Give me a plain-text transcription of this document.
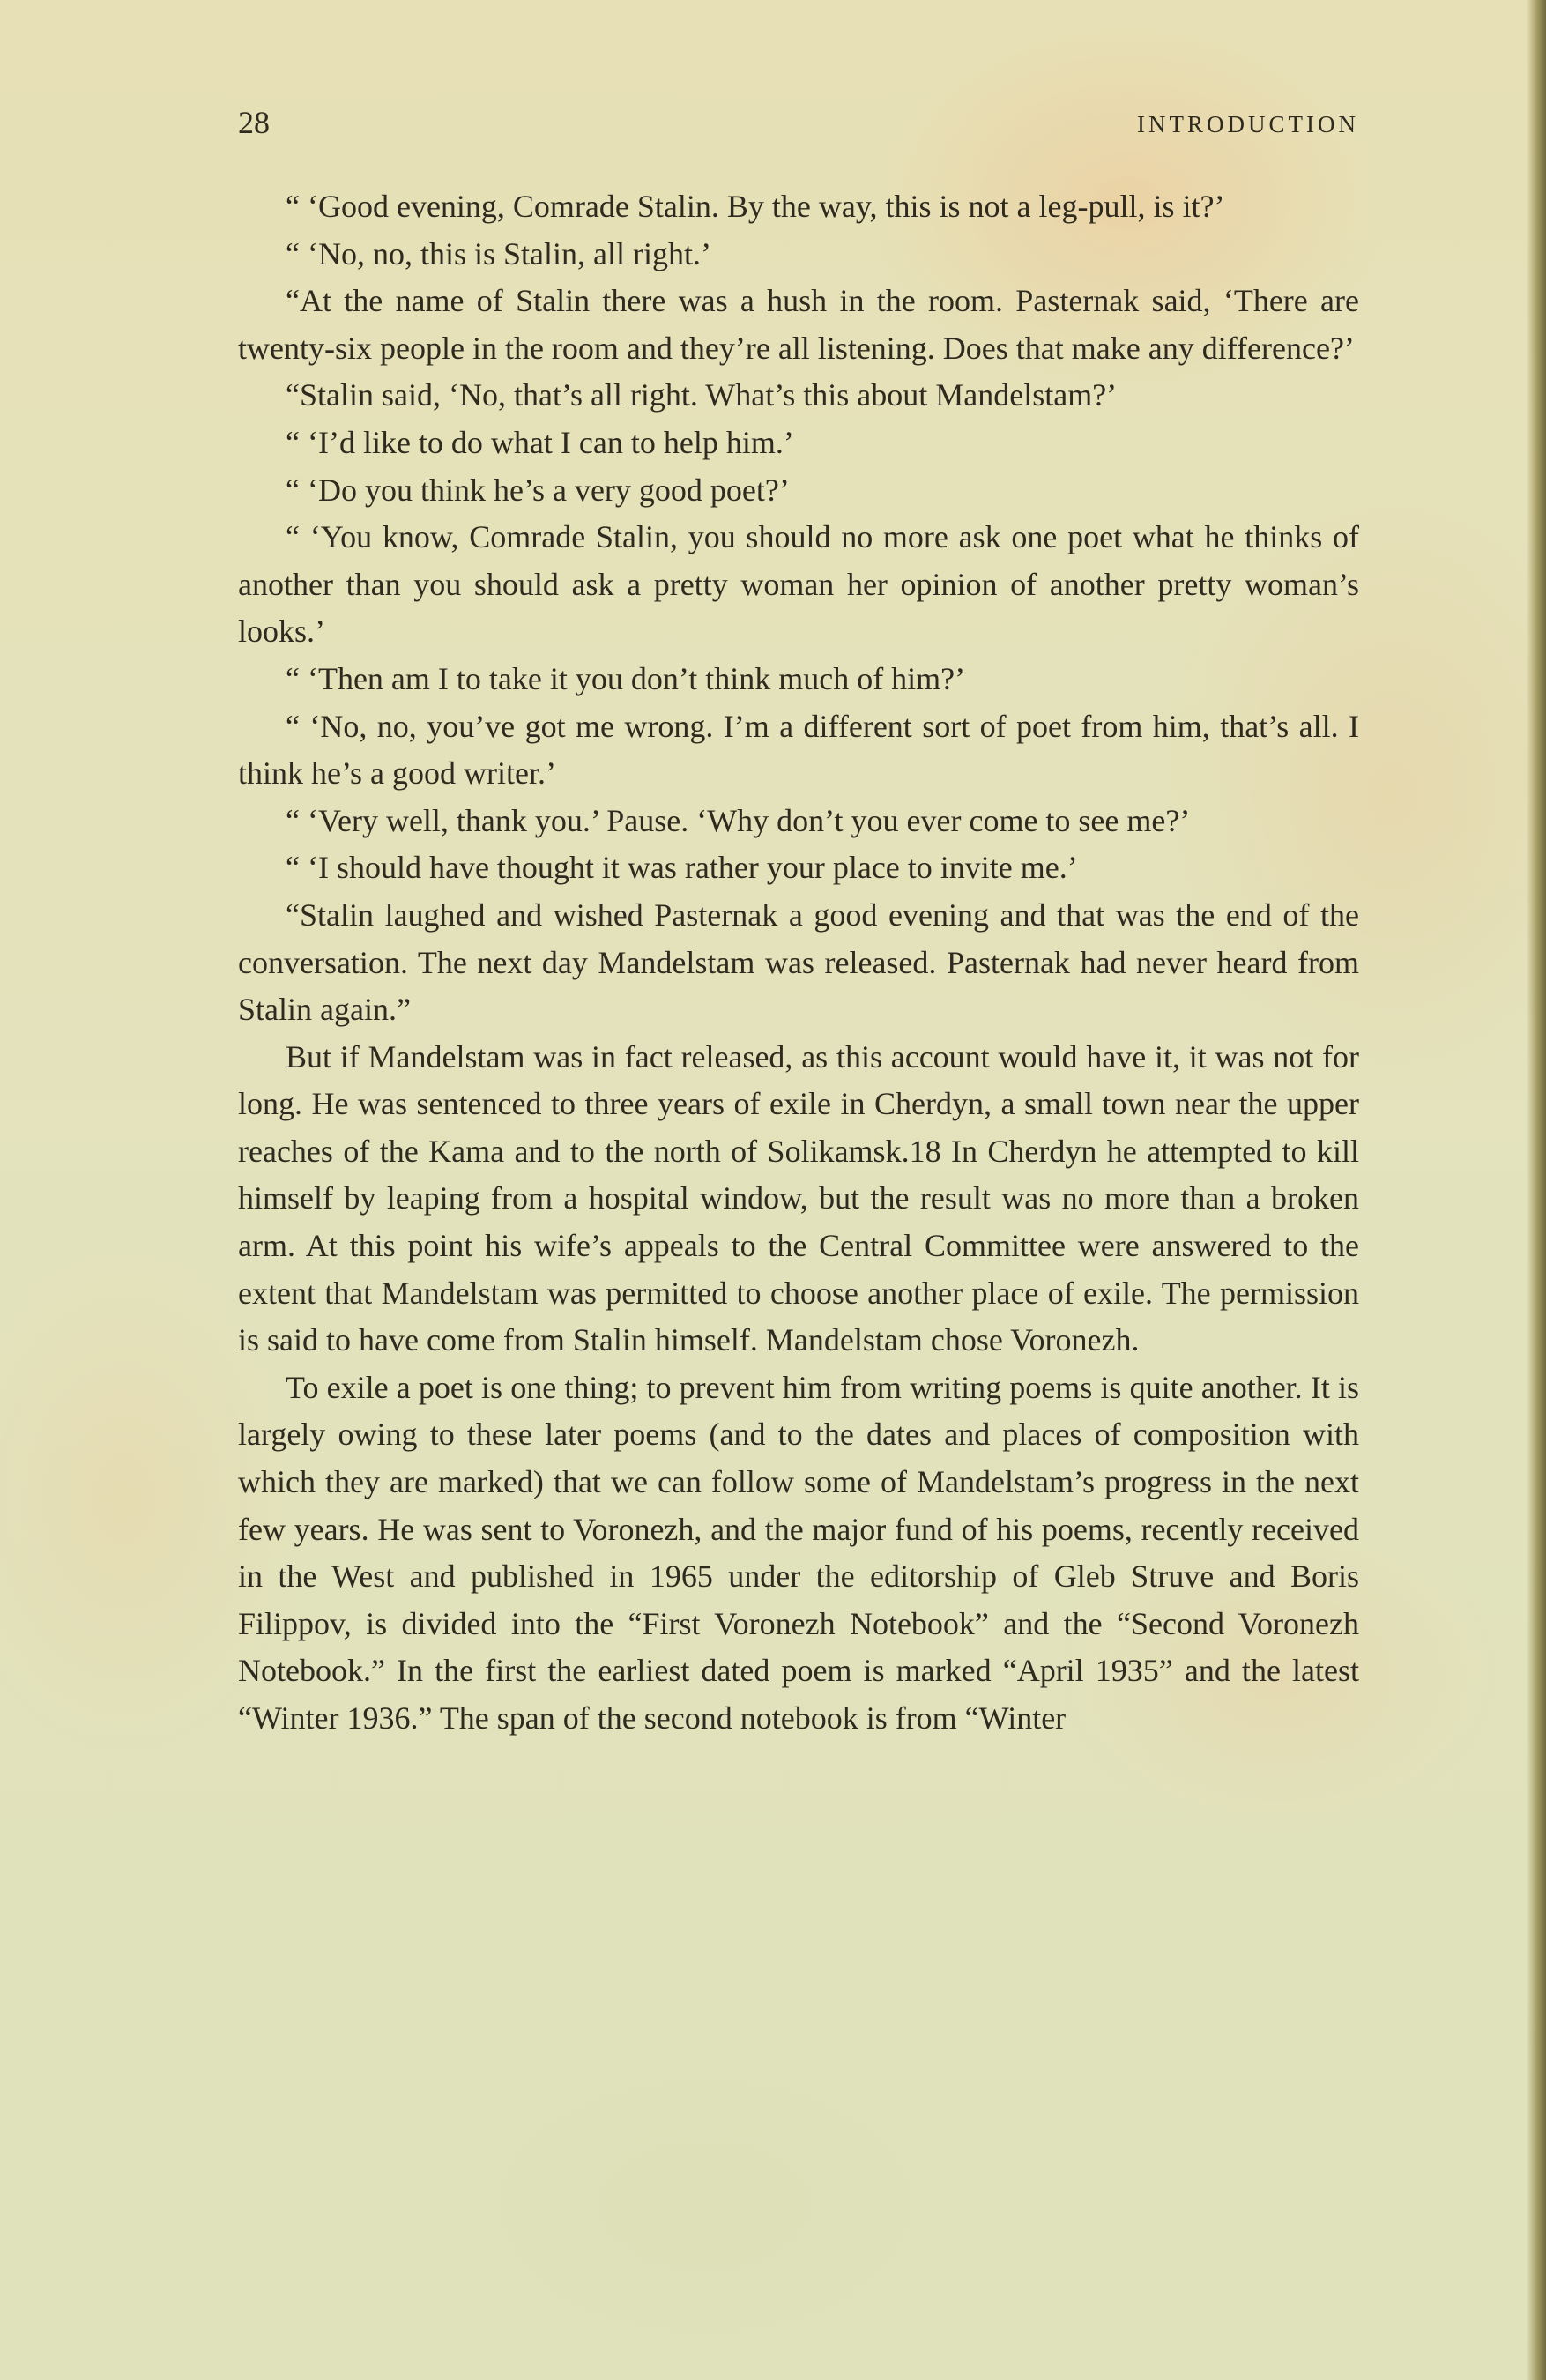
28	INTRODUCTION

“ ‘Good evening, Comrade Stalin. By the way, this is not a leg-pull, is it?’

“ ‘No, no, this is Stalin, all right.’

“At the name of Stalin there was a hush in the room. Pasternak said, ‘There are twenty-six people in the room and they’re all listening. Does that make any difference?’

“Stalin said, ‘No, that’s all right. What’s this about Mandelstam?’

“ ‘I’d like to do what I can to help him.’

“ ‘Do you think he’s a very good poet?’

“ ‘You know, Comrade Stalin, you should no more ask one poet what he thinks of another than you should ask a pretty woman her opinion of another pretty woman’s looks.’

“ ‘Then am I to take it you don’t think much of him?’

“ ‘No, no, you’ve got me wrong. I’m a different sort of poet from him, that’s all. I think he’s a good writer.’

“ ‘Very well, thank you.’ Pause. ‘Why don’t you ever come to see me?’

“ ‘I should have thought it was rather your place to invite me.’

“Stalin laughed and wished Pasternak a good evening and that was the end of the conversation. The next day Mandelstam was released. Pasternak had never heard from Stalin again.”

But if Mandelstam was in fact released, as this account would have it, it was not for long. He was sentenced to three years of exile in Cherdyn, a small town near the upper reaches of the Kama and to the north of Solikamsk.18 In Cherdyn he attempted to kill himself by leaping from a hospital window, but the result was no more than a broken arm. At this point his wife’s appeals to the Central Committee were answered to the extent that Mandelstam was permitted to choose another place of exile. The permission is said to have come from Stalin himself. Mandelstam chose Voronezh.

To exile a poet is one thing; to prevent him from writing poems is quite another. It is largely owing to these later poems (and to the dates and places of composition with which they are marked) that we can follow some of Mandelstam’s progress in the next few years. He was sent to Voronezh, and the major fund of his poems, recently received in the West and published in 1965 under the editorship of Gleb Struve and Boris Filippov, is divided into the “First Voronezh Notebook” and the “Second Voronezh Notebook.” In the first the earliest dated poem is marked “April 1935” and the latest “Winter 1936.” The span of the second notebook is from “Winter
